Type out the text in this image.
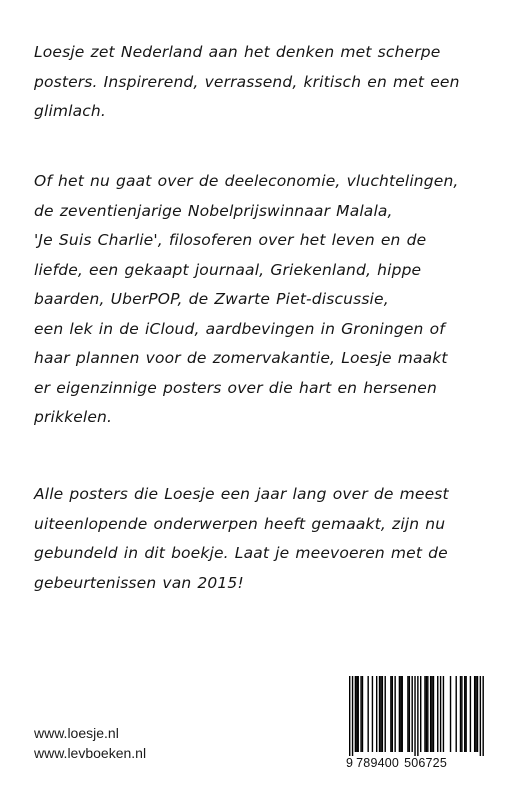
Loesje zet Nederland aan het denken met scherpe
posters. Inspirerend, verrassend, kritisch en met een
glimlach.
Of het nu gaat over de deeleconomie, vluchtelingen,
de zeventienjarige Nobelprijswinnaar Malala,
'Je Suis Charlie', filosoferen over het leven en de
liefde, een gekaapt journaal, Griekenland, hippe
baarden, UberPOP, de Zwarte Piet-discussie,
een lek in de iCloud, aardbevingen in Groningen of
haar plannen voor de zomervakantie, Loesje maakt
er eigenzinnige posters over die hart en hersenen
prikkelen.
Alle posters die Loesje een jaar lang over de meest
uiteenlopende onderwerpen heeft gemaakt, zijn nu
gebundeld in dit boekje. Laat je meevoeren met de
gebeurtenissen van 2015!
www.loesje.nl
www.levboeken.nl
9 789400 506725
